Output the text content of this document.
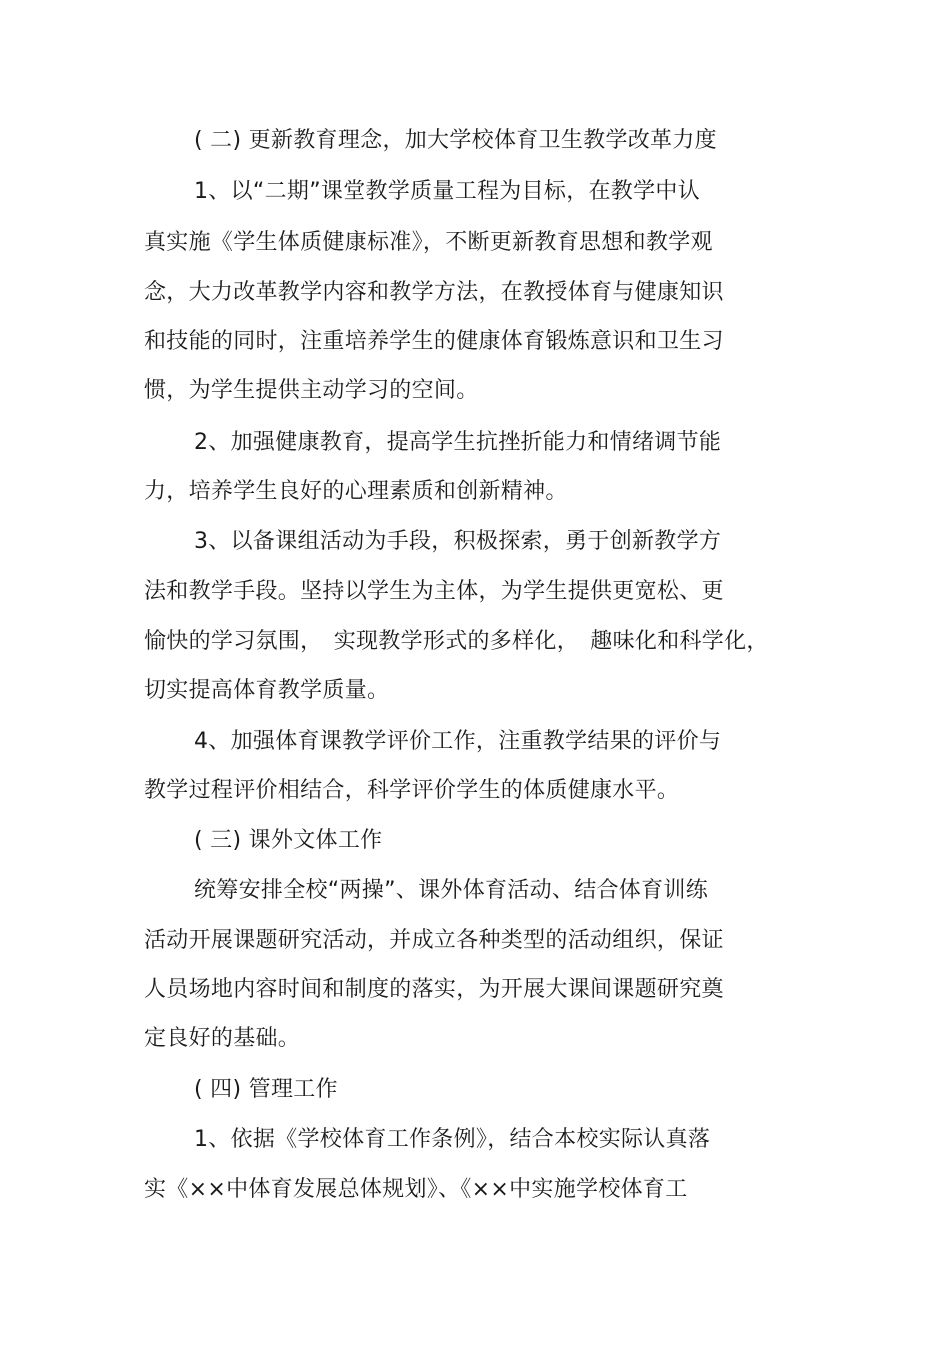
( 二) 更新教育理念，加大学校体育卫生教学改革力度
1、以“二期”课堂教学质量工程为目标，在教学中认
真实施《学生体质健康标准》，不断更新教育思想和教学观
念，大力改革教学内容和教学方法，在教授体育与健康知识
和技能的同时，注重培养学生的健康体育锻炼意识和卫生习
惯，为学生提供主动学习的空间。
2、加强健康教育，提高学生抗挫折能力和情绪调节能
力，培养学生良好的心理素质和创新精神。
3、以备课组活动为手段，积极探索，勇于创新教学方
法和教学手段。坚持以学生为主体，为学生提供更宽松、更
愉快的学习氛围，　实现教学形式的多样化，　趣味化和科学化，
切实提高体育教学质量。
4、加强体育课教学评价工作，注重教学结果的评价与
教学过程评价相结合，科学评价学生的体质健康水平。
( 三) 课外文体工作
统筹安排全校“两操”、课外体育活动、结合体育训练
活动开展课题研究活动，并成立各种类型的活动组织，保证
人员场地内容时间和制度的落实，为开展大课间课题研究奠
定良好的基础。
( 四) 管理工作
1、依据《学校体育工作条例》，结合本校实际认真落
实《××中体育发展总体规划》、《××中实施学校体育工
